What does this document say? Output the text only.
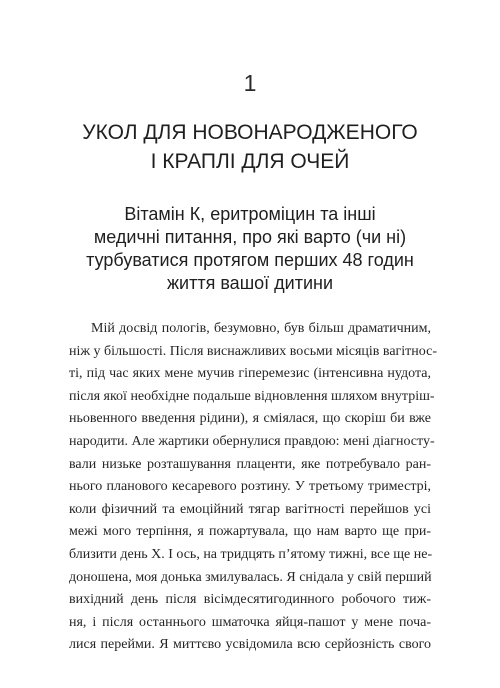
1
УКОЛ ДЛЯ НОВОНАРОДЖЕНОГО
І КРАПЛІ ДЛЯ ОЧЕЙ
Вітамін К, еритроміцин та інші
медичні питання, про які варто (чи ні)
турбуватися протягом перших 48 годин
життя вашої дитини
Мій досвід пологів, безумовно, був більш драматичним,
ніж у більшості. Після виснажливих восьми місяців вагітнос-
ті, під час яких мене мучив гіперемезис (інтенсивна нудота,
після якої необхідне подальше відновлення шляхом внутріш-
ньовенного введення рідини), я сміялася, що скоріш би вже
народити. Але жартики обернулися правдою: мені діагносту-
вали низьке розташування плаценти, яке потребувало ран-
нього планового кесаревого розтину. У третьому триместрі,
коли фізичний та емоційний тягар вагітності перейшов усі
межі мого терпіння, я пожартувала, що нам варто ще при-
близити день Х. І ось, на тридцять п’ятому тижні, все ще не-
доношена, моя донька змилувалась. Я снідала у свій перший
вихідний день після вісімдесятигодинного робочого тиж-
ня, і після останнього шматочка яйця-пашот у мене почa-
лися перейми. Я миттєво усвідомила всю серйозність свого
